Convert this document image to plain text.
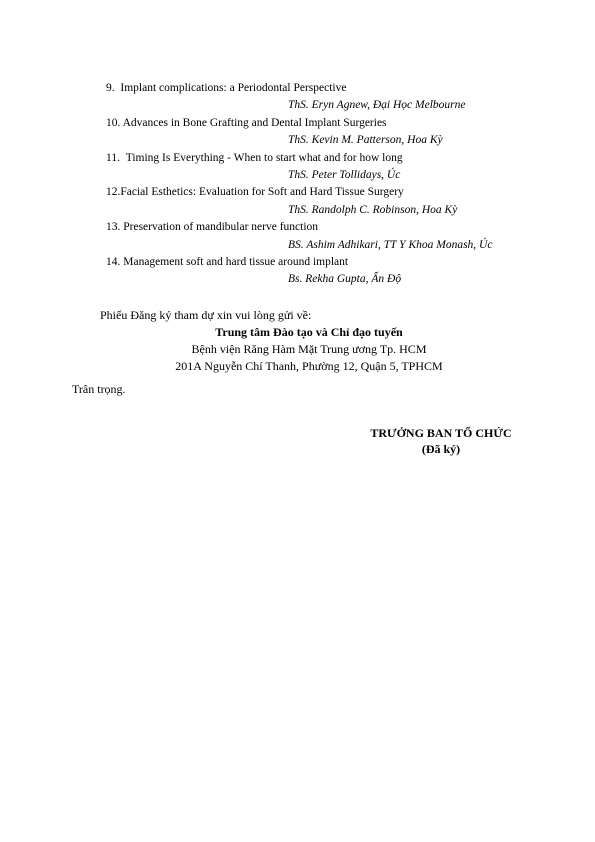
9. Implant complications: a Periodontal Perspective
ThS. Eryn Agnew, Đại Học Melbourne
10. Advances in Bone Grafting and Dental Implant Surgeries
ThS. Kevin M. Patterson, Hoa Kỳ
11. Timing Is Everything - When to start what and for how long
ThS. Peter Tollidays, Úc
12.Facial Esthetics: Evaluation for Soft and Hard Tissue Surgery
ThS. Randolph C. Robinson, Hoa Kỳ
13. Preservation of mandibular nerve function
BS. Ashim Adhikari, TT Y Khoa Monash, Úc
14. Management soft and hard tissue around implant
Bs. Rekha Gupta, Ấn Độ
Phiếu Đăng ký tham dự xin vui lòng gửi về:
Trung tâm Đào tạo và Chỉ đạo tuyến
Bệnh viện Răng Hàm Mặt Trung ương Tp. HCM
201A Nguyễn Chí Thanh, Phường 12, Quận 5, TPHCM
Trân trọng.
TRƯỞNG BAN TỔ CHỨC
(Đã ký)
